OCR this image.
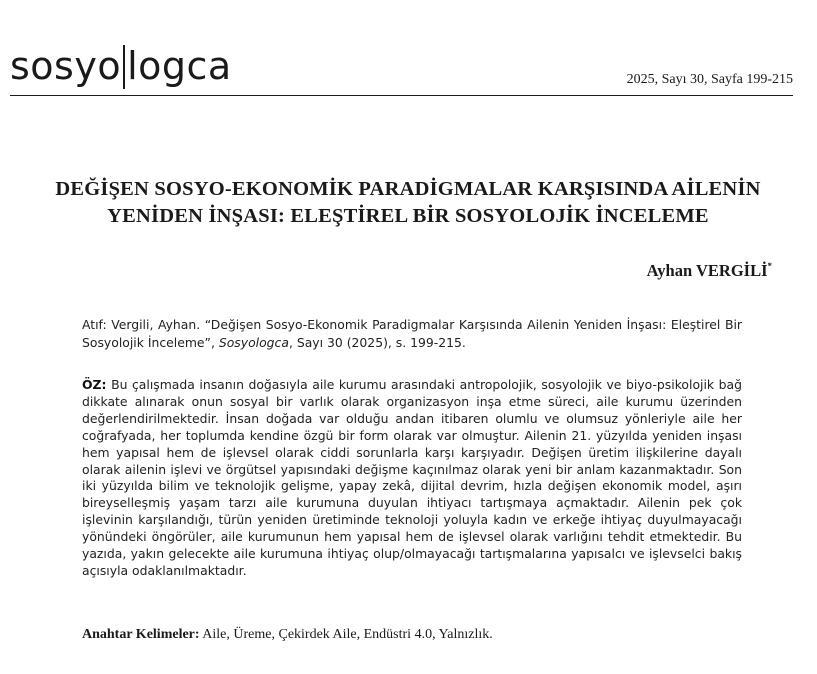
sosyo logca	2025, Sayı 30, Sayfa 199-215
DEĞİŞEN SOSYO-EKONOMİK PARADİGMALAR KARŞISINDA AİLENİN YENİDEN İNŞASI: ELEŞTİREL BİR SOSYOLOJİK İNCELEME
Ayhan VERGİLİ*
Atıf: Vergili, Ayhan. “Değişen Sosyo-Ekonomik Paradigmalar Karşısında Ailenin Yeniden İnşası: Eleştirel Bir Sosyolojik İnceleme”, Sosyologca, Sayı 30 (2025), s. 199-215.
ÖZ: Bu çalışmada insanın doğasıyla aile kurumu arasındaki antropolojik, sosyolojik ve biyo-psikolojik bağ dikkate alınarak onun sosyal bir varlık olarak organizasyon inşa etme süreci, aile kurumu üzerinden değerlendirilmektedir. İnsan doğada var olduğu andan itibaren olumlu ve olumsuz yönleriyle aile her coğrafyada, her toplumda kendine özgü bir form olarak var olmuştur. Ailenin 21. yüzyılda yeniden inşası hem yapısal hem de işlevsel olarak ciddi sorunlarla karşı karşıyadır. Değişen üretim ilişkilerine dayalı olarak ailenin işlevi ve örgütsel yapısındaki değişme kaçınılmaz olarak yeni bir anlam kazanmaktadır. Son iki yüzyılda bilim ve teknolojik gelişme, yapay zekâ, dijital devrim, hızla değişen ekonomik model, aşırı bireyselleşmiş yaşam tarzı aile kurumuna duyulan ihtiyacı tartışmaya açmaktadır. Ailenin pek çok işlevinin karşılandığı, türün yeniden üretiminde teknoloji yoluyla kadın ve erkeğe ihtiyaç duyulmayacağı yönündeki öngörüler, aile kurumunun hem yapısal hem de işlevsel olarak varlığını tehdit etmektedir. Bu yazıda, yakın gelecekte aile kurumuna ihtiyaç olup/olmayacağı tartışmalarına yapısalcı ve işlevselci bakış açısıyla odaklanılmaktadır.
Anahtar Kelimeler: Aile, Üreme, Çekirdek Aile, Endüstri 4.0, Yalnızlık.
